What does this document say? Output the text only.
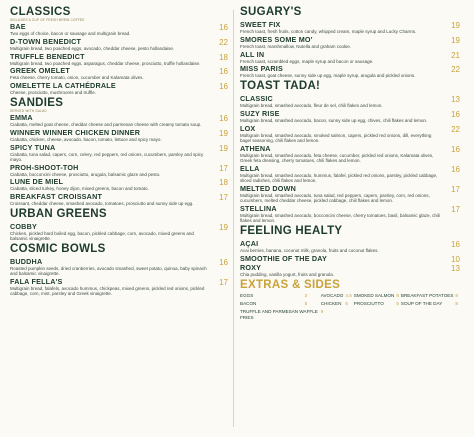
CLASSICS
INCLUDES A CUP OF FRESH BREW COFFEE
BAE
Two eggs of choice, bacon or sausage and multigrain bread.
16
D-TOWN BENEDICT
Multigrain bread, two poached eggs, avocado, cheddar cheese, pesto hollandaise.
22
TRUFFLE BENEDICT
Multigrain bread, two poached eggs, asparagus, cheddar cheese, prosciutto, truffle hollandaise.
18
GREEK OMELET
Feta cheese, cherry tomato, onion, cucumber and Kalamata olives.
16
OMELETTE LA CATHÉDRALE
Cheese, prosciutto, mushrooms and truffle.
16
SANDIES
SERVED WITH SALAD
EMMA
Ciabatta, melted goat cheese, cheddar cheese and parmesan cheese with creamy tomato soup.
16
WINNER WINNER CHICKEN DINNER
Ciabatta, chicken, cheese, avocado, bacon, tomato, lettuce and spicy mayo.
19
SPICY TUNA
Ciabatta, tuna salad, capers, corn, celery, red peppers, red onions, cucumbers, parsley and spicy mayo.
19
PROH-SHOOT-TOH
Ciabatta, bocconcini cheese, prosciutto, arugula, balsamic glaze and pesto.
17
LUNE DE MIEL
Ciabatta, sliced turkey, honey dijon, mixed greens, bacon and tomato.
18
BREAKFAST CROISSANT
Croissant, cheddar cheese, smashed avocado, tomatoes, prosciutto and sunny side up egg.
17
URBAN GREENS
COBBY
Chicken, pickled hard boiled egg, bacon, pickled cabbage, corn, avocado, mixed greens and balsamic vinaigrette.
19
COSMIC BOWLS
BUDDHA
Roasted pumpkin seeds, dried cranberries, avocado smashed, sweet potato, quinoa, baby spinach and balsamic vinaigrette.
16
FALA FELLA'S
Multigrain bread, falafels, avocado hummus, chickpeas, mixed greens, pickled red onions, pickled cabbage, corn, mint, parsley and Greek vinaigrette.
17
SUGARY'S
SWEET FIX
French toast, fresh fruits, cotton candy, whipped cream, maple syrup and Lucky Charms.
19
SMORES SOME MO'
French toast, marshmallow, Nutella and graham cookie.
19
ALL IN
French toast, scrambled eggs, maple syrup and bacon or sausage.
21
MISS PARIS
French toast, goat cheese, sunny side up egg, maple syrup, arugula and pickled onions.
22
TOAST TADA!
CLASSIC
Multigrain bread, smashed avocado, fleur de sel, chili flakes and lemon.
13
SUZY RISE
Multigrain bread, smashed avocado, bacon, sunny side up egg, chives, chili flakes and lemon.
16
LOX
Multigrain bread, smashed avocado, smoked salmon, capers, pickled red onions, dill, everything bagel seasoning, chili flakes and lemon.
22
ATHENA
Multigrain bread, smashed avocado, feta cheese, cucumber, pickled red onions, Kalamata olives, Greek feta dressing, cherry tomatoes, chili flakes and lemon.
16
ELLA
Multigrain bread, smashed avocado, hummus, falafel, pickled red onions, parsley, pickled cabbage, sliced radishes, chili flakes and lemon.
16
MELTED DOWN
Multigrain bread, smashed avocado, tuna salad, red peppers, capers, parsley, corn, red onions, cucumbers, melted cheddar cheese, pickled cabbage, chili flakes and lemon.
17
STELLINA
Multigrain bread, smashed avocado, bocconcini cheese, cherry tomatoes, basil, balsamic glaze, chili flakes and lemon.
17
FEELING HEALTY
AÇAI
Acai berries, banana, coconut milk, granola, fruits and coconut flakes.
16
SMOOTHIE OF THE DAY	10
ROXY
Chia pudding, vanilla yogurt, fruits and granola.
13
EXTRAS & SIDES
EGGS	3	AVOCADO	4.5	SMOKED SALMON	8	BREAKFAST POTATOES	8
BACON	5	CHICKEN	6	PROSCIUTTO	5	SOUP OF THE DAY	8
TRUFFLE AND PARMESAN WAFFLE FRIES		9					
